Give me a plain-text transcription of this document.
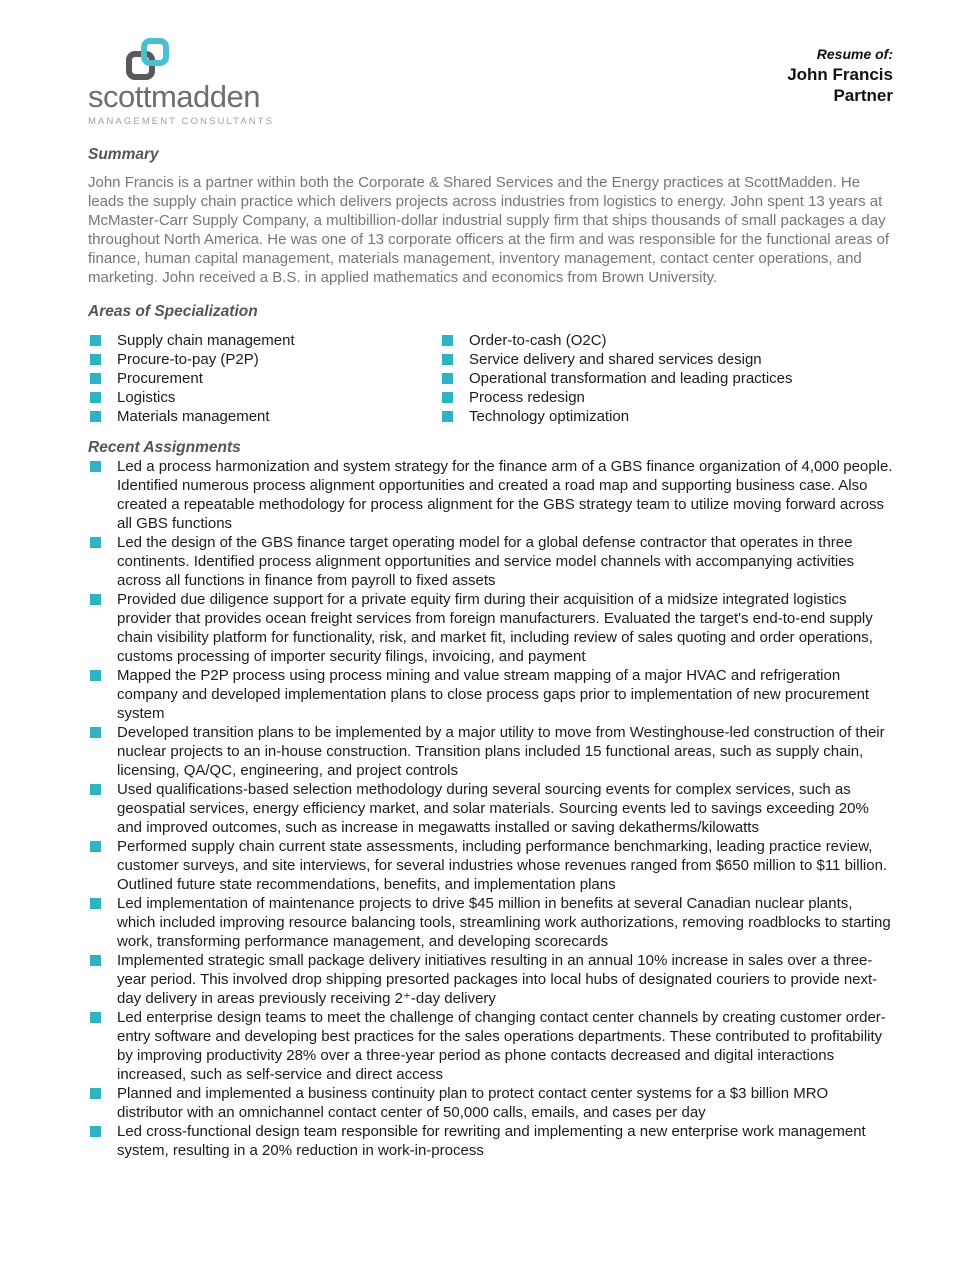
scottmadden
MANAGEMENT CONSULTANTS
Resume of:
John Francis
Partner
Summary

John Francis is a partner within both the Corporate & Shared Services and the Energy practices at ScottMadden. He leads the supply chain practice which delivers projects across industries from logistics to energy. John spent 13 years at McMaster-Carr Supply Company, a multibillion-dollar industrial supply firm that ships thousands of small packages a day throughout North America. He was one of 13 corporate officers at the firm and was responsible for the functional areas of finance, human capital management, materials management, inventory management, contact center operations, and marketing. John received a B.S. in applied mathematics and economics from Brown University.

Areas of Specialization
Supply chain management
Procure-to-pay (P2P)
Procurement
Logistics
Materials management
Order-to-cash (O2C)
Service delivery and shared services design
Operational transformation and leading practices
Process redesign
Technology optimization
Recent Assignments
Led a process harmonization and system strategy for the finance arm of a GBS finance organization of 4,000 people. Identified numerous process alignment opportunities and created a road map and supporting business case. Also created a repeatable methodology for process alignment for the GBS strategy team to utilize moving forward across all GBS functions
Led the design of the GBS finance target operating model for a global defense contractor that operates in three continents. Identified process alignment opportunities and service model channels with accompanying activities across all functions in finance from payroll to fixed assets
Provided due diligence support for a private equity firm during their acquisition of a midsize integrated logistics provider that provides ocean freight services from foreign manufacturers. Evaluated the target's end-to-end supply chain visibility platform for functionality, risk, and market fit, including review of sales quoting and order operations, customs processing of importer security filings, invoicing, and payment
Mapped the P2P process using process mining and value stream mapping of a major HVAC and refrigeration company and developed implementation plans to close process gaps prior to implementation of new procurement system
Developed transition plans to be implemented by a major utility to move from Westinghouse-led construction of their nuclear projects to an in-house construction. Transition plans included 15 functional areas, such as supply chain, licensing, QA/QC, engineering, and project controls
Used qualifications-based selection methodology during several sourcing events for complex services, such as geospatial services, energy efficiency market, and solar materials. Sourcing events led to savings exceeding 20% and improved outcomes, such as increase in megawatts installed or saving dekatherms/kilowatts
Performed supply chain current state assessments, including performance benchmarking, leading practice review, customer surveys, and site interviews, for several industries whose revenues ranged from $650 million to $11 billion. Outlined future state recommendations, benefits, and implementation plans
Led implementation of maintenance projects to drive $45 million in benefits at several Canadian nuclear plants, which included improving resource balancing tools, streamlining work authorizations, removing roadblocks to starting work, transforming performance management, and developing scorecards
Implemented strategic small package delivery initiatives resulting in an annual 10% increase in sales over a three-year period. This involved drop shipping presorted packages into local hubs of designated couriers to provide next-day delivery in areas previously receiving 2⁺-day delivery
Led enterprise design teams to meet the challenge of changing contact center channels by creating customer order-entry software and developing best practices for the sales operations departments. These contributed to profitability by improving productivity 28% over a three-year period as phone contacts decreased and digital interactions increased, such as self-service and direct access
Planned and implemented a business continuity plan to protect contact center systems for a $3 billion MRO distributor with an omnichannel contact center of 50,000 calls, emails, and cases per day
Led cross-functional design team responsible for rewriting and implementing a new enterprise work management system, resulting in a 20% reduction in work-in-process
